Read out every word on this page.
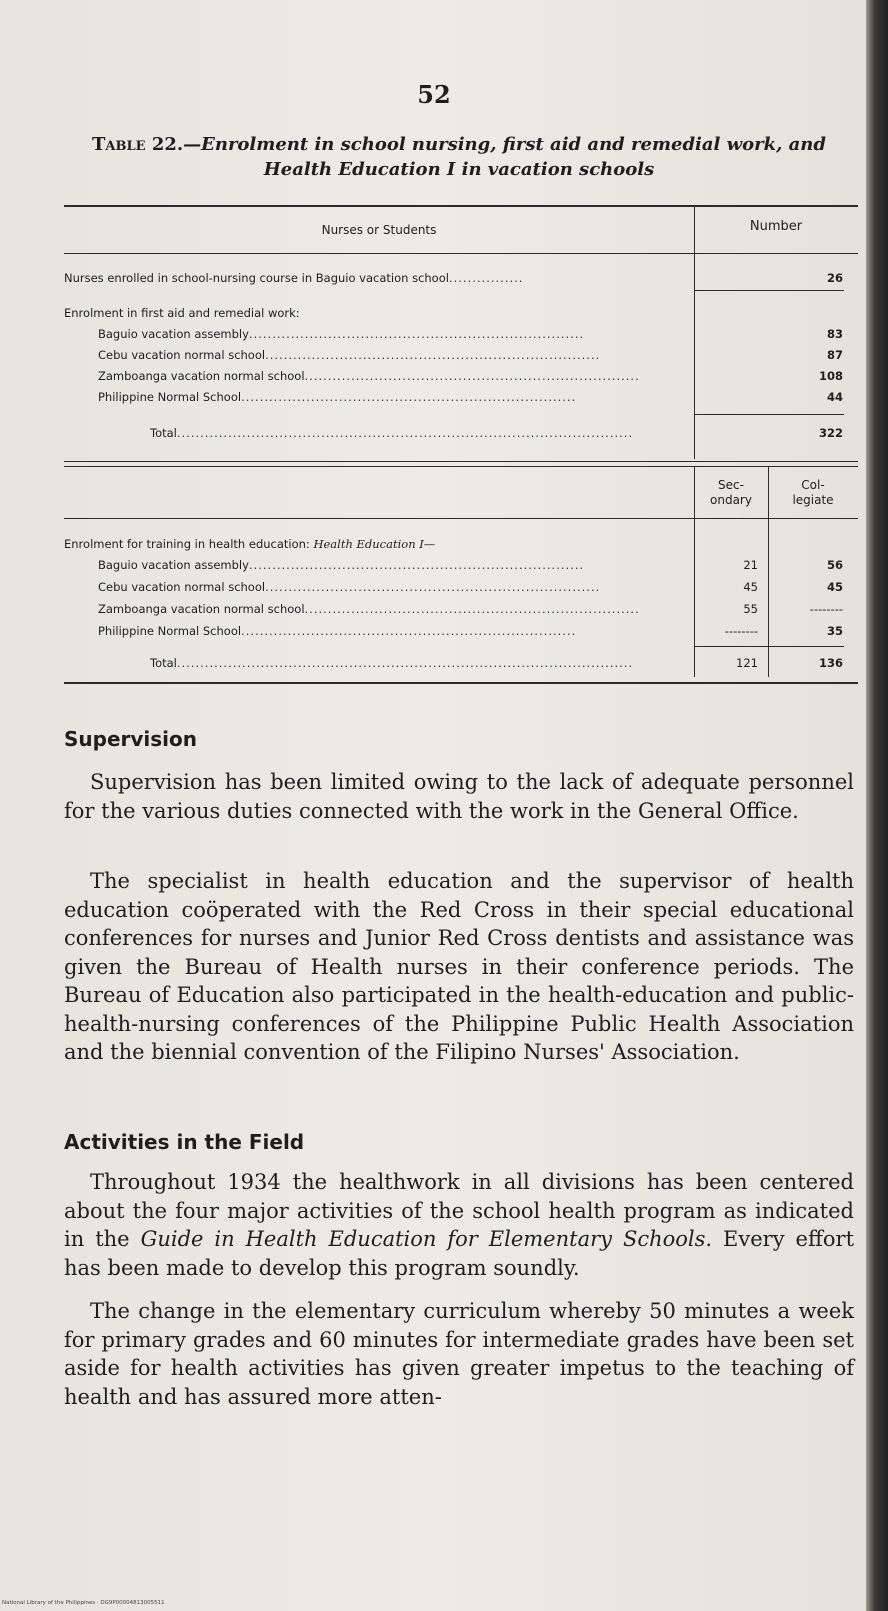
52
Table 22.—Enrolment in school nursing, first aid and remedial work, and
Health Education I in vacation schools
Nurses or Students	Number
Nurses enrolled in school-nursing course in Baguio vacation school................	26
Enrolment in first aid and remedial work:
Baguio vacation assembly........................................................................	83
Cebu vacation normal school........................................................................	87
Zamboanga vacation normal school........................................................................	108
Philippine Normal School........................................................................	44
Total..................................................................................................	322
Sec-
ondary
Col-
legiate
Enrolment for training in health education: Health Education I—
Baguio vacation assembly........................................................................	21	56
Cebu vacation normal school........................................................................	45	45
Zamboanga vacation normal school........................................................................	55	--------
Philippine Normal School........................................................................	--------	35
Total..................................................................................................	121	136
Supervision

Supervision has been limited owing to the lack of adequate personnel for the various duties connected with the work in the General Office.

The specialist in health education and the supervisor of health education coöperated with the Red Cross in their special educational conferences for nurses and Junior Red Cross dentists and assistance was given the Bureau of Health nurses in their conference periods. The Bureau of Education also participated in the health-education and public-health-nursing conferences of the Philippine Public Health Association and the biennial convention of the Filipino Nurses' Association.

Activities in the Field

Throughout 1934 the healthwork in all divisions has been centered about the four major activities of the school health program as indicated in the Guide in Health Education for Elementary Schools. Every effort has been made to develop this program soundly.

The change in the elementary curriculum whereby 50 minutes a week for primary grades and 60 minutes for intermediate grades have been set aside for health activities has given greater impetus to the teaching of health and has assured more atten-

National Library of the Philippines · DG9P00004813005511
